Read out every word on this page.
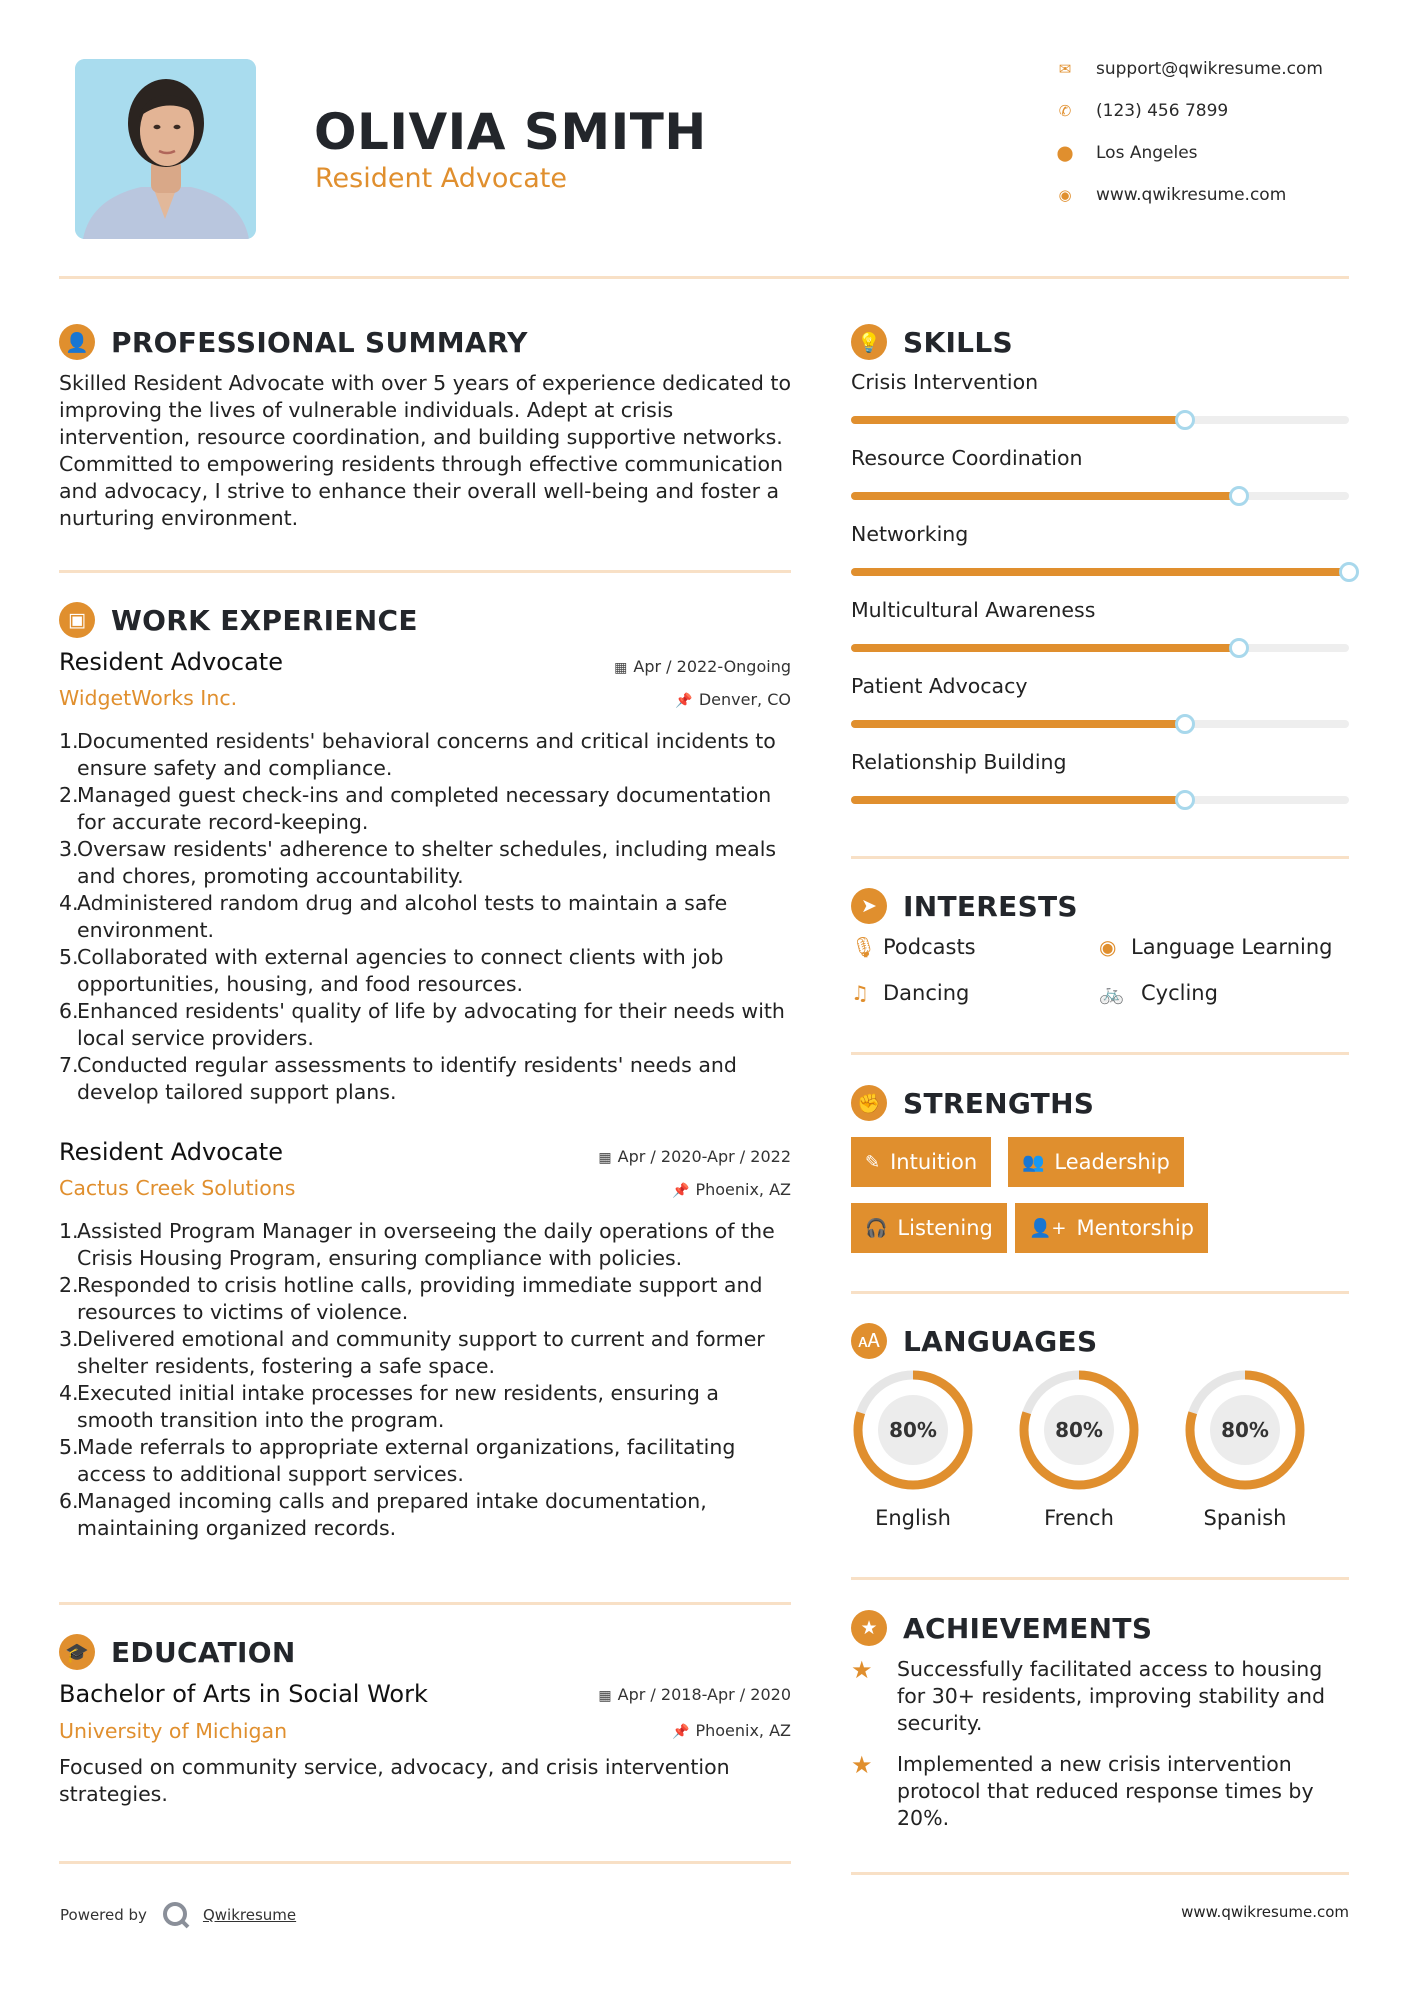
OLIVIA SMITH
Resident Advocate
✉ support@qwikresume.com
✆ (123) 456 7899
⬤ Los Angeles
◉ www.qwikresume.com
👤 PROFESSIONAL SUMMARY
Skilled Resident Advocate with over 5 years of experience dedicated to improving the lives of vulnerable individuals. Adept at crisis intervention, resource coordination, and building supportive networks. Committed to empowering residents through effective communication and advocacy, I strive to enhance their overall well-being and foster a nurturing environment.
▣ WORK EXPERIENCE
Resident Advocate	▦ Apr / 2022-Ongoing
WidgetWorks Inc.	📌 Denver, CO
1.
Documented residents' behavioral concerns and critical incidents to ensure safety and compliance.
2.
Managed guest check-ins and completed necessary documentation for accurate record-keeping.
3.
Oversaw residents' adherence to shelter schedules, including meals and chores, promoting accountability.
4.
Administered random drug and alcohol tests to maintain a safe environment.
5.
Collaborated with external agencies to connect clients with job opportunities, housing, and food resources.
6.
Enhanced residents' quality of life by advocating for their needs with local service providers.
7.
Conducted regular assessments to identify residents' needs and develop tailored support plans.
Resident Advocate	▦ Apr / 2020-Apr / 2022
Cactus Creek Solutions	📌 Phoenix, AZ
1.
Assisted Program Manager in overseeing the daily operations of the Crisis Housing Program, ensuring compliance with policies.
2.
Responded to crisis hotline calls, providing immediate support and resources to victims of violence.
3.
Delivered emotional and community support to current and former shelter residents, fostering a safe space.
4.
Executed initial intake processes for new residents, ensuring a smooth transition into the program.
5.
Made referrals to appropriate external organizations, facilitating access to additional support services.
6.
Managed incoming calls and prepared intake documentation, maintaining organized records.
🎓 EDUCATION
Bachelor of Arts in Social Work	▦ Apr / 2018-Apr / 2020
University of Michigan	📌 Phoenix, AZ
Focused on community service, advocacy, and crisis intervention strategies.
💡 SKILLS
Crisis Intervention
Resource Coordination
Networking
Multicultural Awareness
Patient Advocacy
Relationship Building
➤ INTERESTS
🎙 Podcasts	◉ Language Learning
♫ Dancing	🚲 Cycling
✊ STRENGTHS
✎ Intuition 👥 Leadership
🎧 Listening 👤+ Mentorship
🗚 LANGUAGES
80%
English
80%
French
80%
Spanish
★ ACHIEVEMENTS
★	Successfully facilitated access to housing for 30+ residents, improving stability and security.
★	Implemented a new crisis intervention protocol that reduced response times by 20%.
Powered by	Qwikresume	www.qwikresume.com
